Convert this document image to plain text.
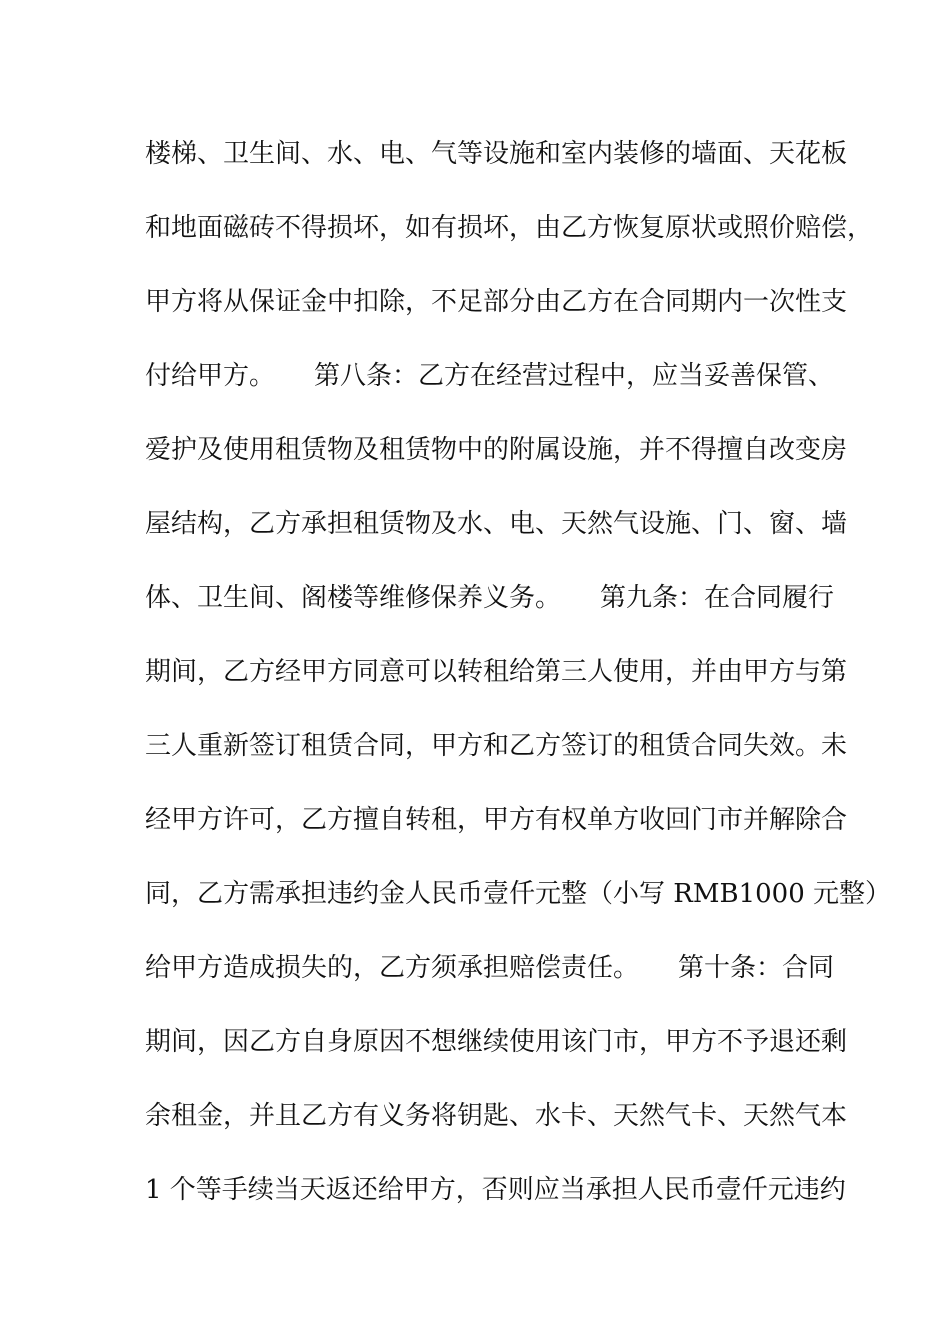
楼梯、卫生间、水、电、气等设施和室内装修的墙面、天花板
和地面磁砖不得损坏，如有损坏，由乙方恢复原状或照价赔偿，
甲方将从保证金中扣除，不足部分由乙方在合同期内一次性支
付给甲方。　　第八条：乙方在经营过程中，应当妥善保管、
爱护及使用租赁物及租赁物中的附属设施，并不得擅自改变房
屋结构，乙方承担租赁物及水、电、天然气设施、门、窗、墙
体、卫生间、阁楼等维修保养义务。　　第九条：在合同履行
期间，乙方经甲方同意可以转租给第三人使用，并由甲方与第
三人重新签订租赁合同，甲方和乙方签订的租赁合同失效。未
经甲方许可，乙方擅自转租，甲方有权单方收回门市并解除合
同，乙方需承担违约金人民币壹仟元整（小写 RMB1000 元整）
给甲方造成损失的，乙方须承担赔偿责任。　　第十条：合同
期间，因乙方自身原因不想继续使用该门市，甲方不予退还剩
余租金，并且乙方有义务将钥匙、水卡、天然气卡、天然气本
1 个等手续当天返还给甲方，否则应当承担人民币壹仟元违约
